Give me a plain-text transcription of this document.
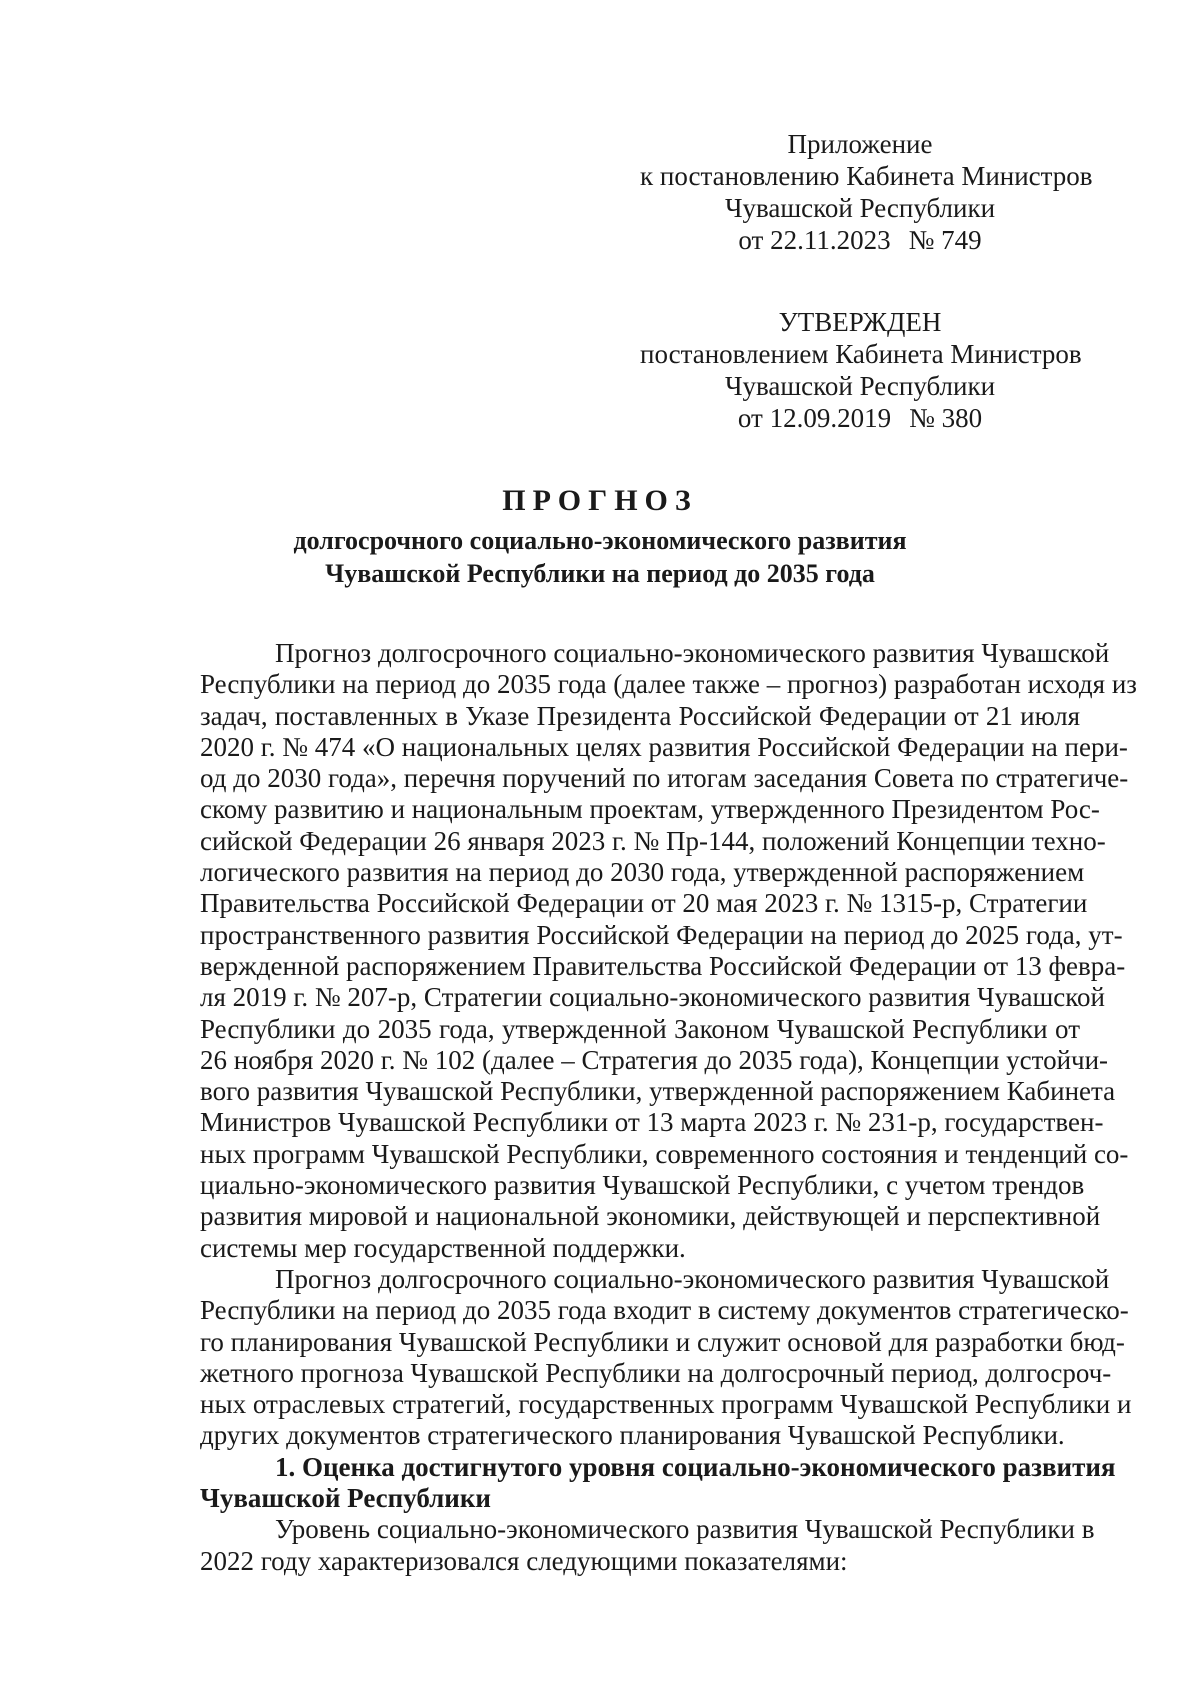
Приложение
к постановлению Кабинета Министров
Чувашской Республики
от 22.11.2023 № 749
УТВЕРЖДЕН
постановлением Кабинета Министров
Чувашской Республики
от 12.09.2019 № 380
ПРОГНОЗ
долгосрочного социально-экономического развития
Чувашской Республики на период до 2035 года
Прогноз долгосрочного социально-экономического развития Чувашской
Республики на период до 2035 года (далее также – прогноз) разработан исходя из
задач, поставленных в Указе Президента Российской Федерации от 21 июля
2020 г. № 474 «О национальных целях развития Российской Федерации на пери-
од до 2030 года», перечня поручений по итогам заседания Совета по стратегиче-
скому развитию и национальным проектам, утвержденного Президентом Рос-
сийской Федерации 26 января 2023 г. № Пр-144, положений Концепции техно-
логического развития на период до 2030 года, утвержденной распоряжением
Правительства Российской Федерации от 20 мая 2023 г. № 1315-р, Стратегии
пространственного развития Российской Федерации на период до 2025 года, ут-
вержденной распоряжением Правительства Российской Федерации от 13 февра-
ля 2019 г. № 207-р, Стратегии социально-экономического развития Чувашской
Республики до 2035 года, утвержденной Законом Чувашской Республики от
26 ноября 2020 г. № 102 (далее – Стратегия до 2035 года), Концепции устойчи-
вого развития Чувашской Республики, утвержденной распоряжением Кабинета
Министров Чувашской Республики от 13 марта 2023 г. № 231-р, государствен-
ных программ Чувашской Республики, современного состояния и тенденций со-
циально-экономического развития Чувашской Республики, с учетом трендов
развития мировой и национальной экономики, действующей и перспективной
системы мер государственной поддержки.
Прогноз долгосрочного социально-экономического развития Чувашской
Республики на период до 2035 года входит в систему документов стратегическо-
го планирования Чувашской Республики и служит основой для разработки бюд-
жетного прогноза Чувашской Республики на долгосрочный период, долгосроч-
ных отраслевых стратегий, государственных программ Чувашской Республики и
других документов стратегического планирования Чувашской Республики.
1. Оценка достигнутого уровня социально-экономического развития
Чувашской Республики
Уровень социально-экономического развития Чувашской Республики в
2022 году характеризовался следующими показателями:
